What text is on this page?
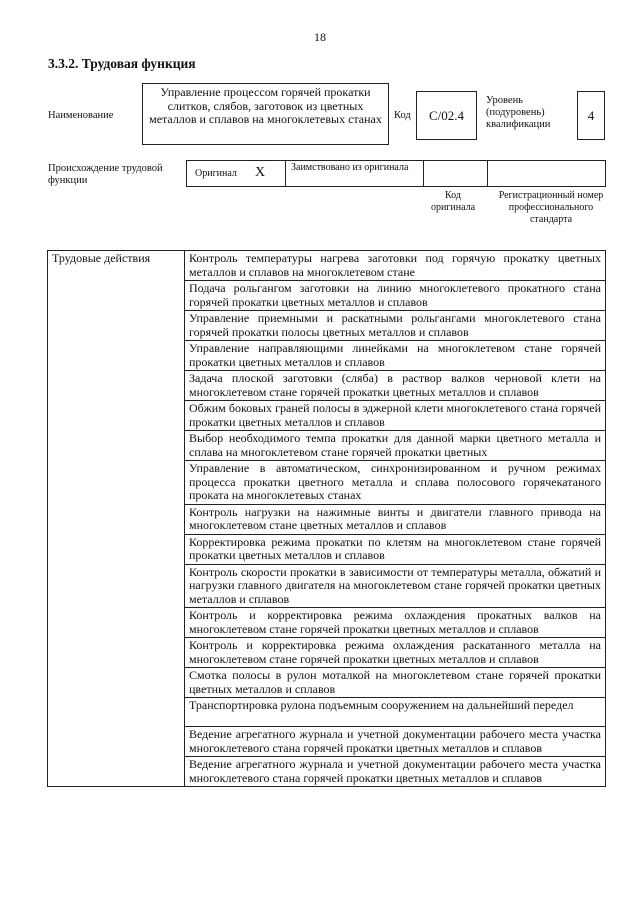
18
3.3.2. Трудовая функция
Наименование
Управление процессом горячей прокатки слитков, слябов, заготовок из цветных металлов и сплавов на многоклетевых станах	Код C/02.4
Уровень (подуровень) квалификации
4
Происхождение трудовой функции
Оригинал X	Заимствовано из оригинала
Код оригинала
Регистрационный номер профессионального стандарта
Трудовые действия	Контроль температуры нагрева заготовки под горячую прокатку цветных металлов и сплавов на многоклетевом стане
Подача рольгангом заготовки на линию многоклетевого прокатного стана горячей прокатки цветных металлов и сплавов
Управление приемными и раскатными рольгангами многоклетевого стана горячей прокатки полосы цветных металлов и сплавов
Управление направляющими линейками на многоклетевом стане горячей прокатки цветных металлов и сплавов
Задача плоской заготовки (сляба) в раствор валков черновой клети на многоклетевом стане горячей прокатки цветных металлов и сплавов
Обжим боковых граней полосы в эджерной клети многоклетевого стана горячей прокатки цветных металлов и сплавов
Выбор необходимого темпа прокатки для данной марки цветного металла и сплава на многоклетевом стане горячей прокатки цветных
Управление в автоматическом, синхронизированном и ручном режимах процесса прокатки цветного металла и сплава полосового горячекатаного проката на многоклетевых станах
Контроль нагрузки на нажимные винты и двигатели главного привода на многоклетевом стане цветных металлов и сплавов
Корректировка режима прокатки по клетям на многоклетевом стане горячей прокатки цветных металлов и сплавов
Контроль скорости прокатки в зависимости от температуры металла, обжатий и нагрузки главного двигателя на многоклетевом стане горячей прокатки цветных металлов и сплавов
Контроль и корректировка режима охлаждения прокатных валков на многоклетевом стане горячей прокатки цветных металлов и сплавов
Контроль и корректировка режима охлаждения раскатанного металла на многоклетевом стане горячей прокатки цветных металлов и сплавов
Смотка полосы в рулон моталкой на многоклетевом стане горячей прокатки цветных металлов и сплавов
Транспортировка рулона подъемным сооружением на дальнейший передел
Ведение агрегатного журнала и учетной документации рабочего места участка многоклетевого стана горячей прокатки цветных металлов и сплавов
Ведение агрегатного журнала и учетной документации рабочего места участка многоклетевого стана горячей прокатки цветных металлов и сплавов
